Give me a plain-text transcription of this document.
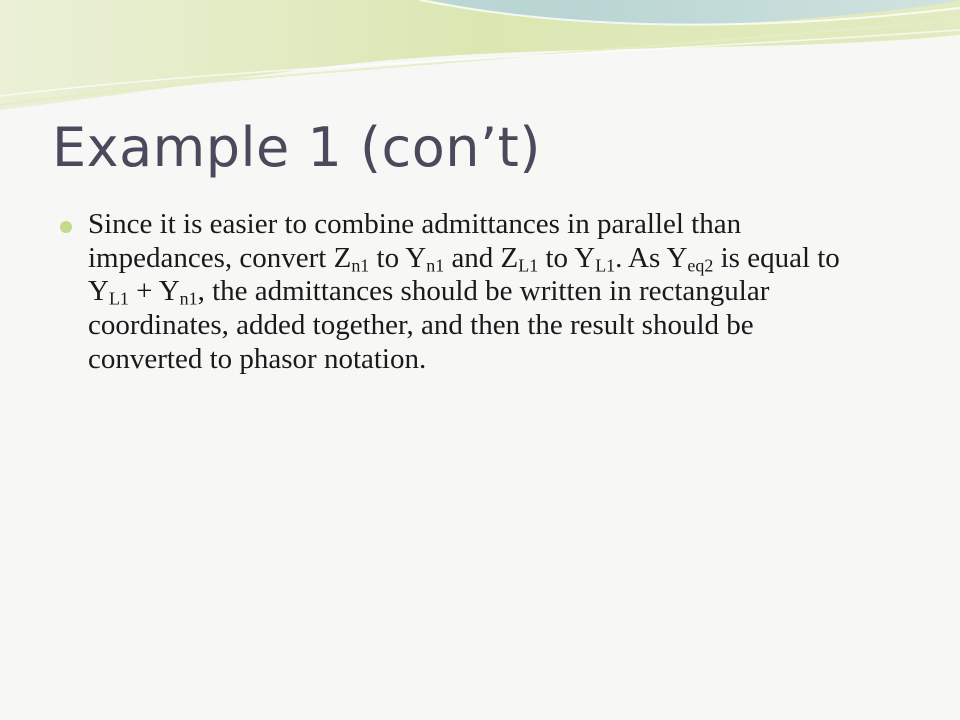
Example 1 (con’t)
Since it is easier to combine admittances in parallel than impedances, convert $Z_{n1}$ to $Y_{n1}$ and $Z_{L1}$ to $Y_{L1}$. As $Y_{eq2}$ is equal to $Y_{L1} + Y_{n1}$, the admittances should be written in rectangular coordinates, added together, and then the result should be converted to phasor notation.
